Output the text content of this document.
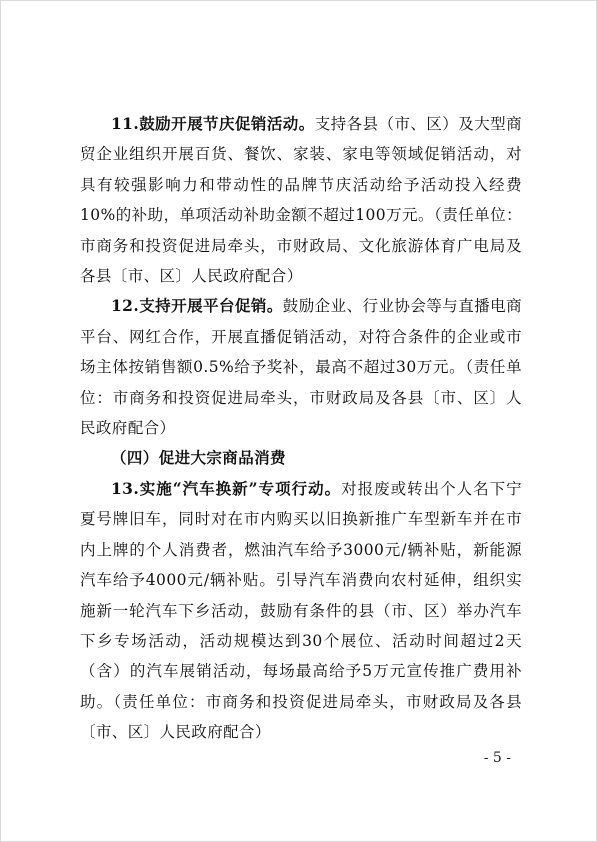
11.鼓励开展节庆促销活动。支持各县（市、区）及大型商贸企业组织开展百货、餐饮、家装、家电等领域促销活动，对具有较强影响力和带动性的品牌节庆活动给予活动投入经费10%的补助，单项活动补助金额不超过100万元。（责任单位：市商务和投资促进局牵头，市财政局、文化旅游体育广电局及各县〔市、区〕人民政府配合）

12.支持开展平台促销。鼓励企业、行业协会等与直播电商平台、网红合作，开展直播促销活动，对符合条件的企业或市场主体按销售额0.5%给予奖补，最高不超过30万元。（责任单位：市商务和投资促进局牵头，市财政局及各县〔市、区〕人民政府配合）

（四）促进大宗商品消费

13.实施“汽车换新”专项行动。对报废或转出个人名下宁夏号牌旧车，同时对在市内购买以旧换新推广车型新车并在市内上牌的个人消费者，燃油汽车给予3000元/辆补贴，新能源汽车给予4000元/辆补贴。引导汽车消费向农村延伸，组织实施新一轮汽车下乡活动，鼓励有条件的县（市、区）举办汽车下乡专场活动，活动规模达到30个展位、活动时间超过2天（含）的汽车展销活动，每场最高给予5万元宣传推广费用补助。（责任单位：市商务和投资促进局牵头，市财政局及各县〔市、区〕人民政府配合）

- 5 -
